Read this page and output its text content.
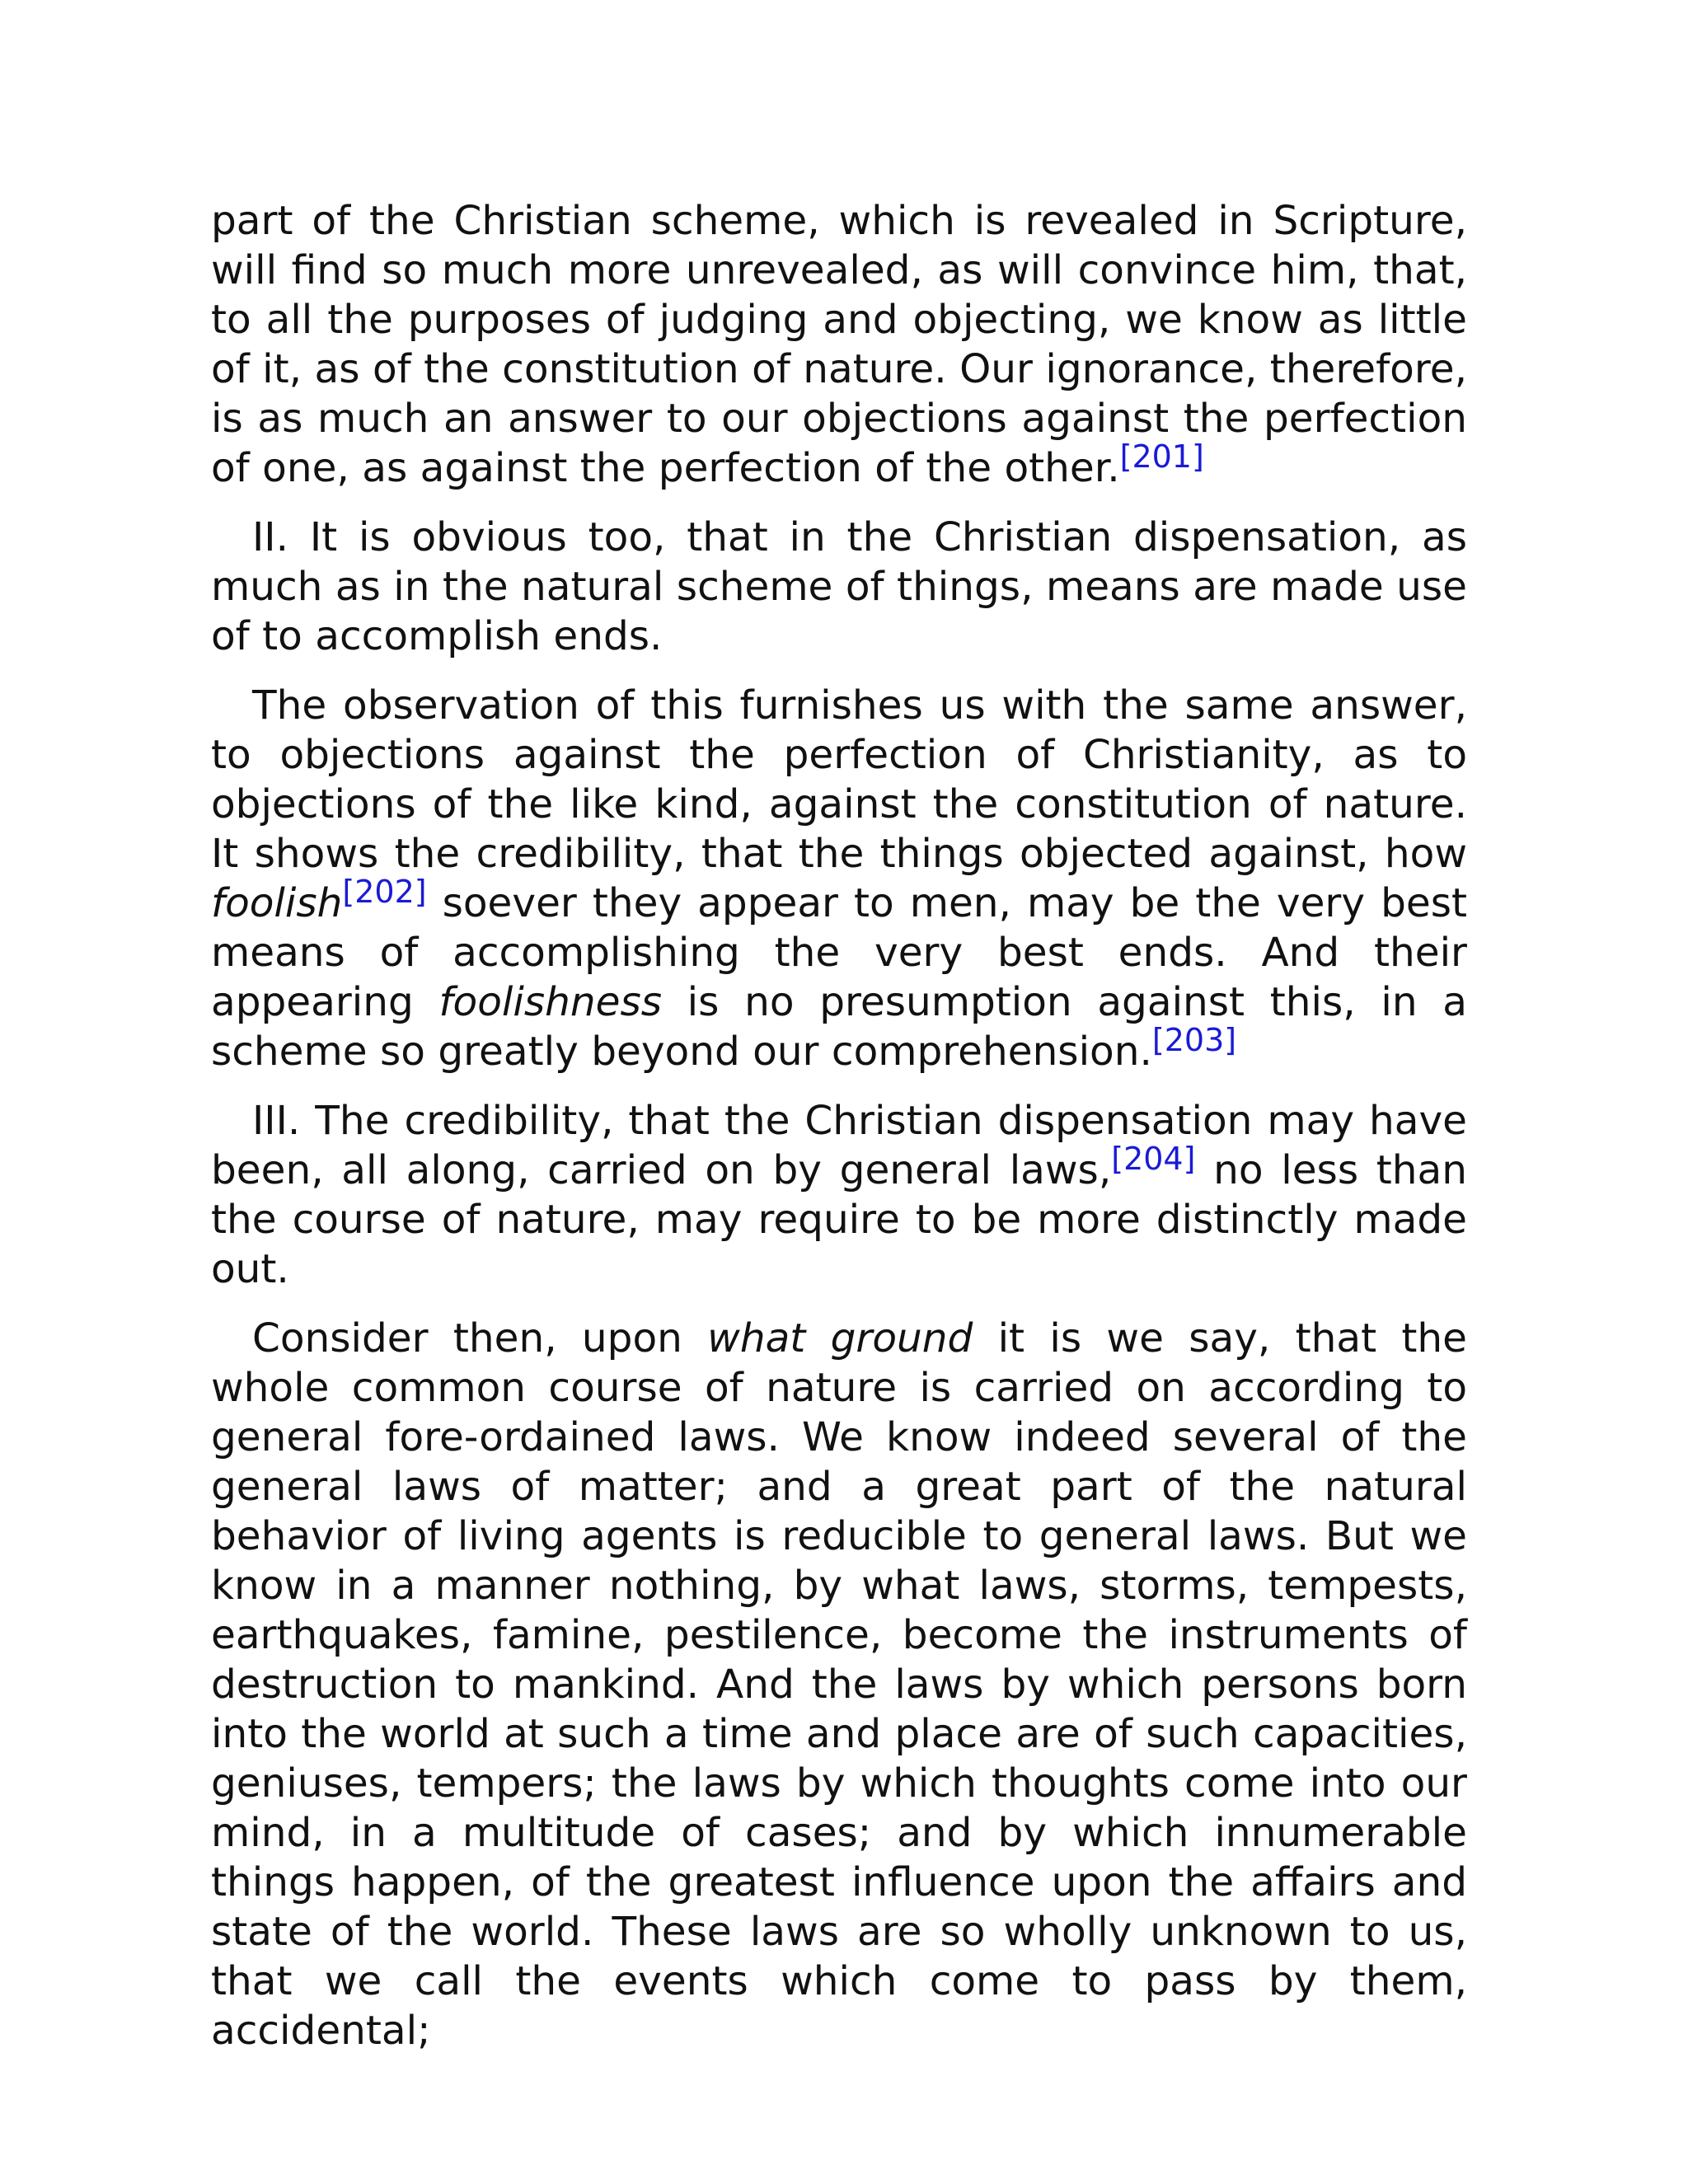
part of the Christian scheme, which is revealed in Scripture, will find so much more unrevealed, as will convince him, that, to all the purposes of judging and objecting, we know as little of it, as of the constitution of nature. Our ignorance, therefore, is as much an answer to our objections against the perfection of one, as against the perfection of the other.[201]

II. It is obvious too, that in the Christian dispensation, as much as in the natural scheme of things, means are made use of to accomplish ends.

The observation of this furnishes us with the same answer, to objections against the perfection of Christianity, as to objections of the like kind, against the constitution of nature. It shows the credibility, that the things objected against, how foolish[202] soever they appear to men, may be the very best means of accomplishing the very best ends. And their appearing foolishness is no presumption against this, in a scheme so greatly beyond our comprehension.[203]

III. The credibility, that the Christian dispensation may have been, all along, carried on by general laws,[204] no less than the course of nature, may require to be more distinctly made out.

Consider then, upon what ground it is we say, that the whole common course of nature is carried on according to general fore-ordained laws. We know indeed several of the general laws of matter; and a great part of the natural behavior of living agents is reducible to general laws. But we know in a manner nothing, by what laws, storms, tempests, earthquakes, famine, pestilence, become the instruments of destruction to mankind. And the laws by which persons born into the world at such a time and place are of such capacities, geniuses, tempers; the laws by which thoughts come into our mind, in a multitude of cases; and by which innumerable things happen, of the greatest influence upon the affairs and state of the world. These laws are so wholly unknown to us, that we call the events which come to pass by them, accidental;
